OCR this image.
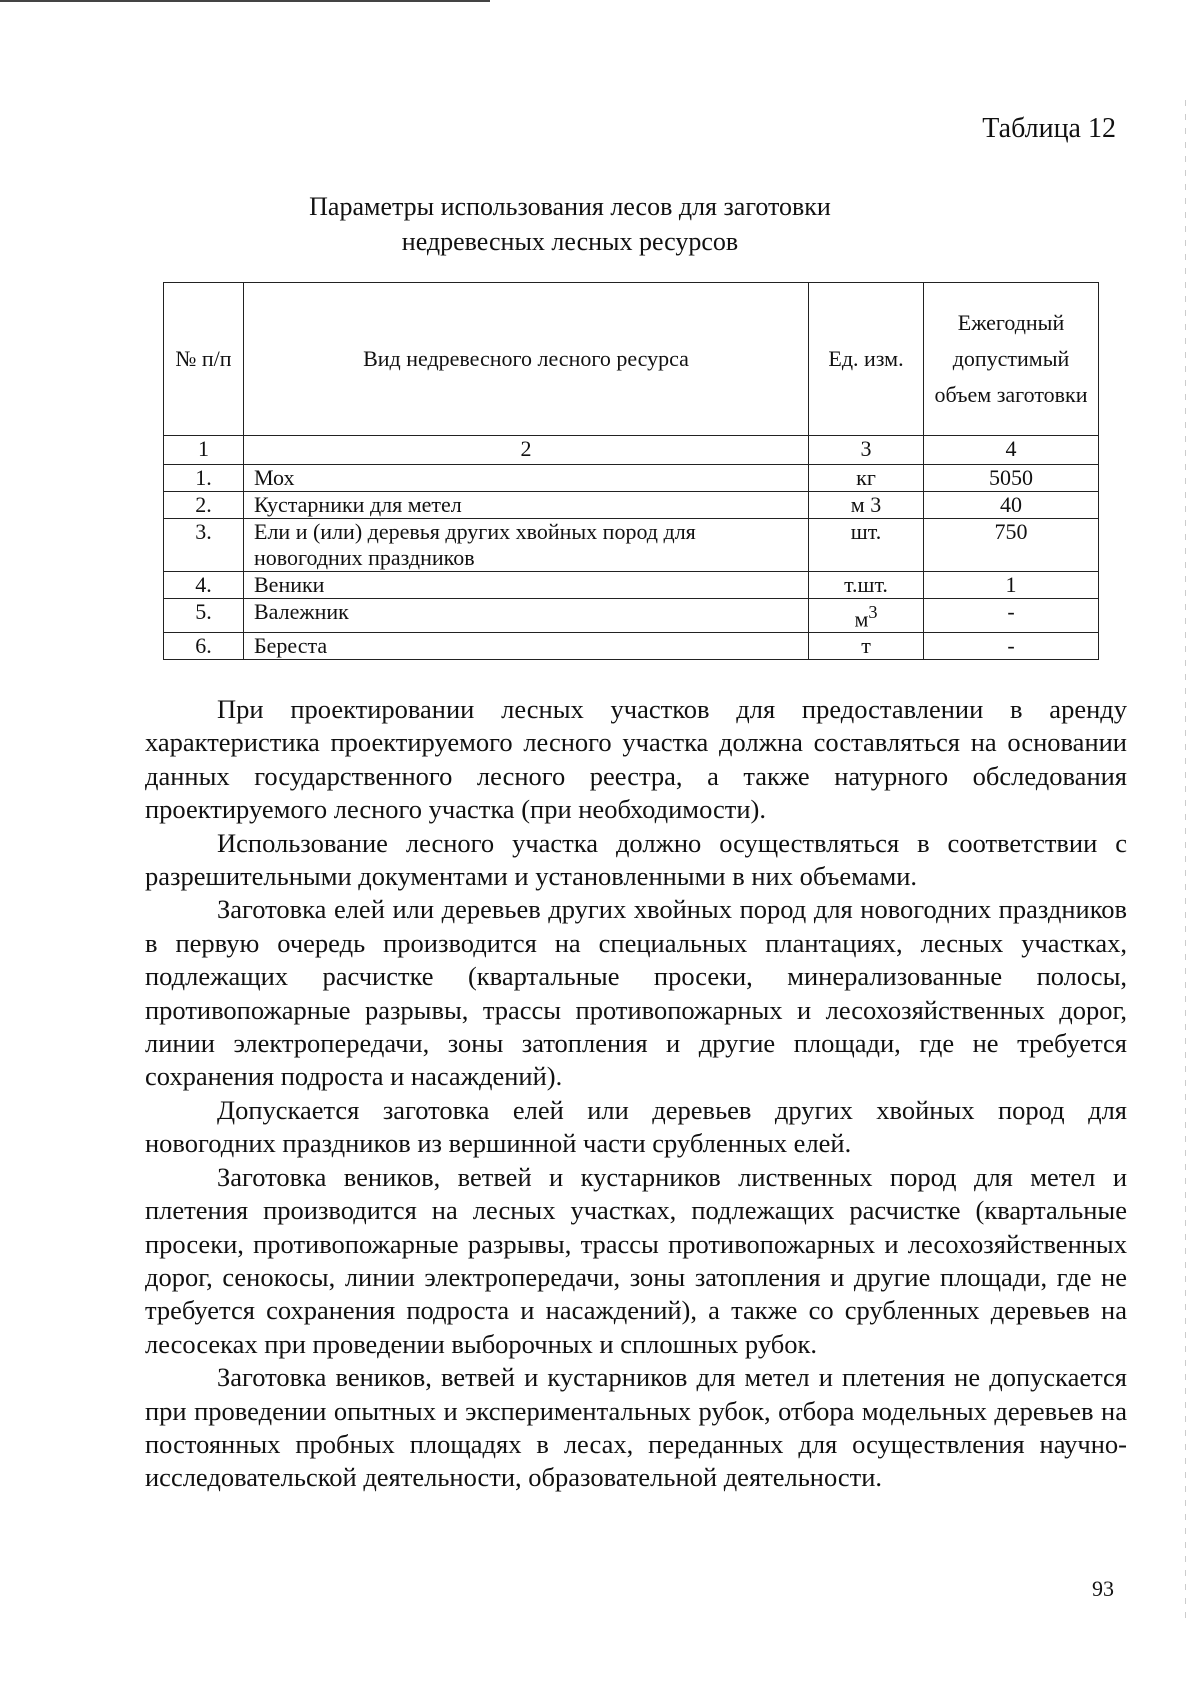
Таблица 12
Параметры использования лесов для заготовки
недревесных лесных ресурсов
№ п/п	Вид недревесного лесного ресурса	Ед. изм.	Ежегодный допустимый объем заготовки
1	2	3	4
1.	Мох	кг	5050
2.	Кустарники для метел	м 3	40
3.	Ели и (или) деревья других хвойных пород для новогодних праздников	шт.	750
4.	Веники	т.шт.	1
5.	Валежник	$м^3$	-
6.	Береста	т	-

При проектировании лесных участков для предоставлении в аренду характеристика проектируемого лесного участка должна составляться на основании данных государственного лесного реестра, а также натурного обследования проектируемого лесного участка (при необходимости).

Использование лесного участка должно осуществляться в соответствии с разрешительными документами и установленными в них объемами.

Заготовка елей или деревьев других хвойных пород для новогодних праздников в первую очередь производится на специальных плантациях, лесных участках, подлежащих расчистке (квартальные просеки, минерализованные полосы, противопожарные разрывы, трассы противопожарных и лесохозяйственных дорог, линии электропередачи, зоны затопления и другие площади, где не требуется сохранения подроста и насаждений).

Допускается заготовка елей или деревьев других хвойных пород для новогодних праздников из вершинной части срубленных елей.

Заготовка веников, ветвей и кустарников лиственных пород для метел и плетения производится на лесных участках, подлежащих расчистке (квартальные просеки, противопожарные разрывы, трассы противопожарных и лесохозяйственных дорог, сенокосы, линии электропередачи, зоны затопления и другие площади, где не требуется сохранения подроста и насаждений), а также со срубленных деревьев на лесосеках при проведении выборочных и сплошных рубок.

Заготовка веников, ветвей и кустарников для метел и плетения не допускается при проведении опытных и экспериментальных рубок, отбора модельных деревьев на постоянных пробных площадях в лесах, переданных для осуществления научно-исследовательской деятельности, образовательной деятельности.

93
